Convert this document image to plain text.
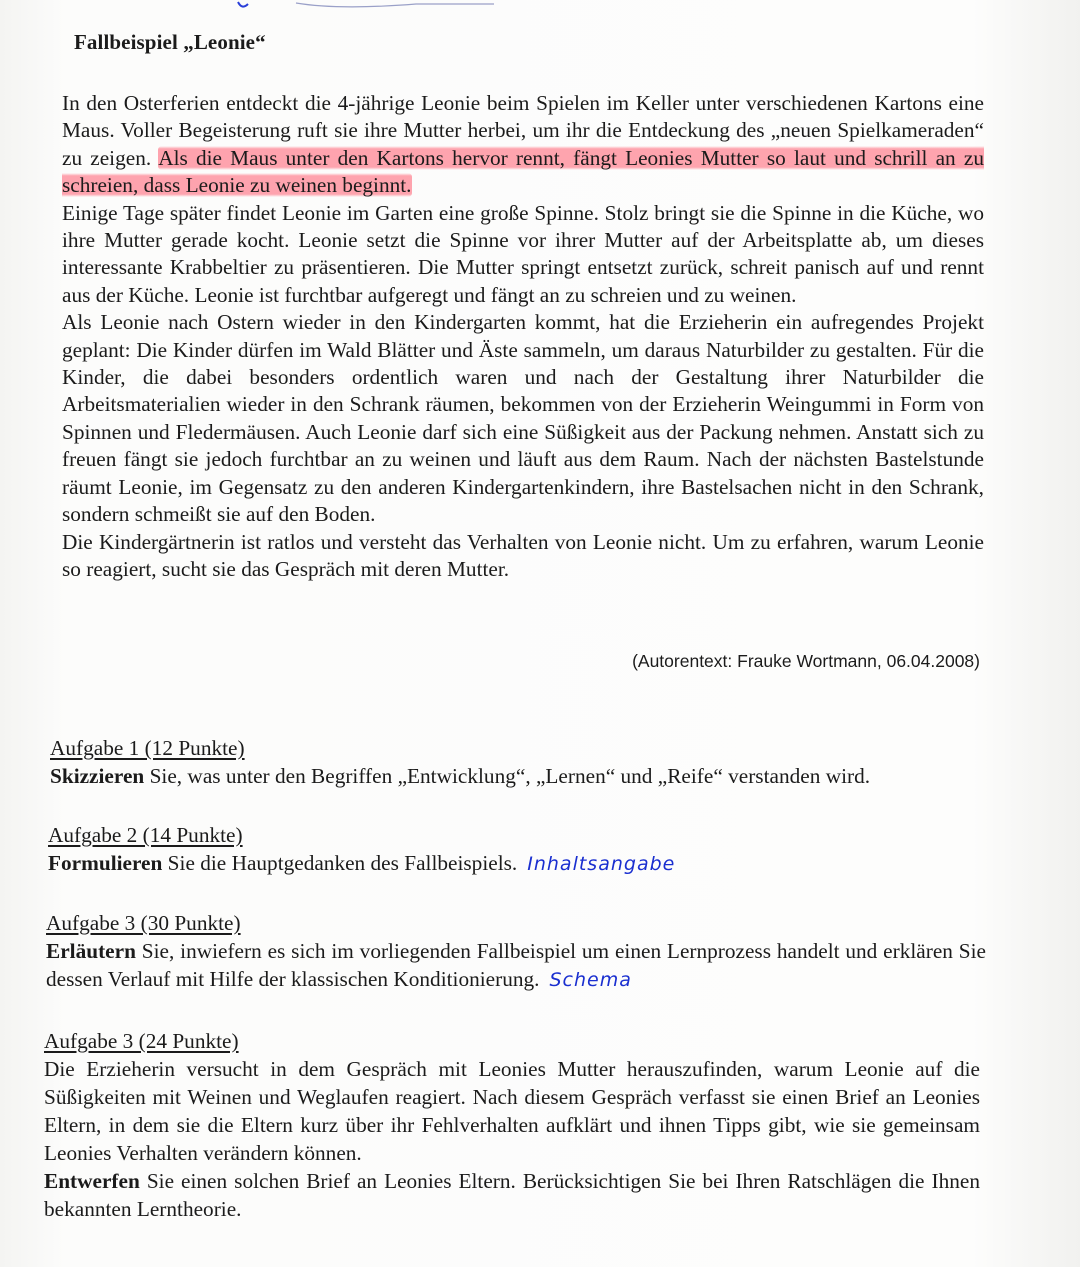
Fallbeispiel „Leonie“

In den Osterferien entdeckt die 4-jährige Leonie beim Spielen im Keller unter verschiedenen Kartons eine Maus. Voller Begeisterung ruft sie ihre Mutter herbei, um ihr die Entdeckung des „neuen Spielkameraden“ zu zeigen. Als die Maus unter den Kartons hervor rennt, fängt Leonies Mutter so laut und schrill an zu schreien, dass Leonie zu weinen beginnt.

Einige Tage später findet Leonie im Garten eine große Spinne. Stolz bringt sie die Spinne in die Küche, wo ihre Mutter gerade kocht. Leonie setzt die Spinne vor ihrer Mutter auf der Arbeitsplatte ab, um dieses interessante Krabbeltier zu präsentieren. Die Mutter springt entsetzt zurück, schreit panisch auf und rennt aus der Küche. Leonie ist furchtbar aufgeregt und fängt an zu schreien und zu weinen.

Als Leonie nach Ostern wieder in den Kindergarten kommt, hat die Erzieherin ein aufregendes Projekt geplant: Die Kinder dürfen im Wald Blätter und Äste sammeln, um daraus Naturbilder zu gestalten. Für die Kinder, die dabei besonders ordentlich waren und nach der Gestaltung ihrer Naturbilder die Arbeitsmaterialien wieder in den Schrank räumen, bekommen von der Erzieherin Weingummi in Form von Spinnen und Fledermäusen. Auch Leonie darf sich eine Süßigkeit aus der Packung nehmen. Anstatt sich zu freuen fängt sie jedoch furchtbar an zu weinen und läuft aus dem Raum. Nach der nächsten Bastelstunde räumt Leonie, im Gegensatz zu den anderen Kindergartenkindern, ihre Bastelsachen nicht in den Schrank, sondern schmeißt sie auf den Boden.

Die Kindergärtnerin ist ratlos und versteht das Verhalten von Leonie nicht. Um zu erfahren, warum Leonie so reagiert, sucht sie das Gespräch mit deren Mutter.

(Autorentext: Frauke Wortmann, 06.04.2008)
Aufgabe 1 (12 Punkte)

Skizzieren Sie, was unter den Begriffen „Entwicklung“, „Lernen“ und „Reife“ verstanden wird.

Aufgabe 2 (14 Punkte)

Formulieren Sie die Hauptgedanken des Fallbeispiels. Inhaltsangabe

Aufgabe 3 (30 Punkte)

Erläutern Sie, inwiefern es sich im vorliegenden Fallbeispiel um einen Lernprozess handelt und erklären Sie dessen Verlauf mit Hilfe der klassischen Konditionierung. Schema

Aufgabe 3 (24 Punkte)

Die Erzieherin versucht in dem Gespräch mit Leonies Mutter herauszufinden, warum Leonie auf die Süßigkeiten mit Weinen und Weglaufen reagiert. Nach diesem Gespräch verfasst sie einen Brief an Leonies Eltern, in dem sie die Eltern kurz über ihr Fehlverhalten aufklärt und ihnen Tipps gibt, wie sie gemeinsam Leonies Verhalten verändern können.

Entwerfen Sie einen solchen Brief an Leonies Eltern. Berücksichtigen Sie bei Ihren Ratschlägen die Ihnen bekannten Lerntheorie.
